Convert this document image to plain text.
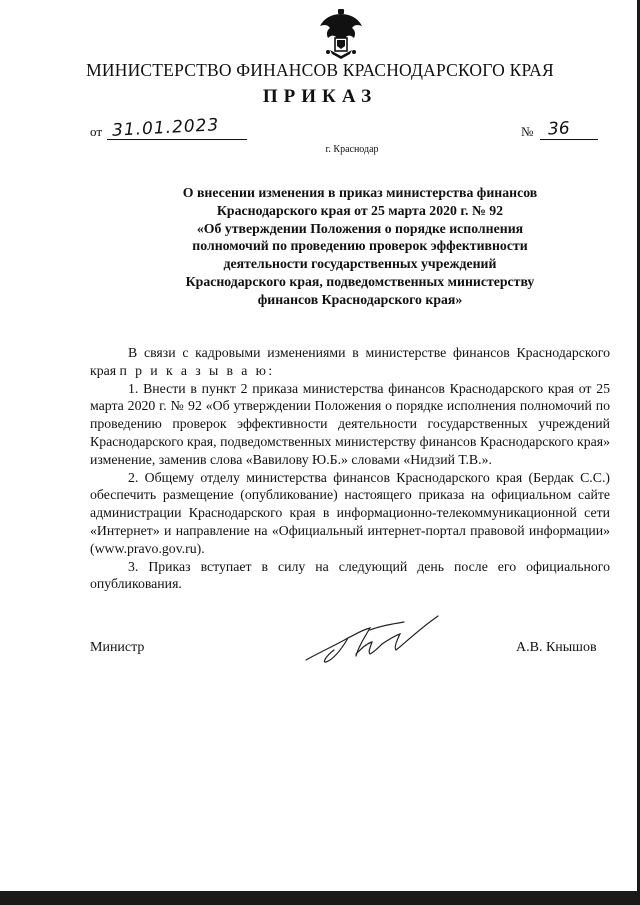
МИНИСТЕРСТВО ФИНАНСОВ КРАСНОДАРСКОГО КРАЯ
ПРИКАЗ
от 31.01.2023	№ 36
г. Краснодар
О внесении изменения в приказ министерства финансов
Краснодарского края от 25 марта 2020 г. № 92
«Об утверждении Положения о порядке исполнения
полномочий по проведению проверок эффективности
деятельности государственных учреждений
Краснодарского края, подведомственных министерству
финансов Краснодарского края»
В связи с кадровыми изменениями в министерстве финансов Краснодарского края п р и к а з ы в а ю:
1. Внести в пункт 2 приказа министерства финансов Краснодарского края от 25 марта 2020 г. № 92 «Об утверждении Положения о порядке исполнения полномочий по проведению проверок эффективности деятельности государственных учреждений Краснодарского края, подведомственных министерству финансов Краснодарского края» изменение, заменив слова «Вавилову Ю.Б.» словами «Нидзий Т.В.».
2. Общему отделу министерства финансов Краснодарского края (Бердак С.С.) обеспечить размещение (опубликование) настоящего приказа на официальном сайте администрации Краснодарского края в информационно-телекоммуникационной сети «Интернет» и направление на «Официальный интернет-портал правовой информации» (www.pravo.gov.ru).
3. Приказ вступает в силу на следующий день после его официального опубликования.
Министр	А.В. Кнышов
